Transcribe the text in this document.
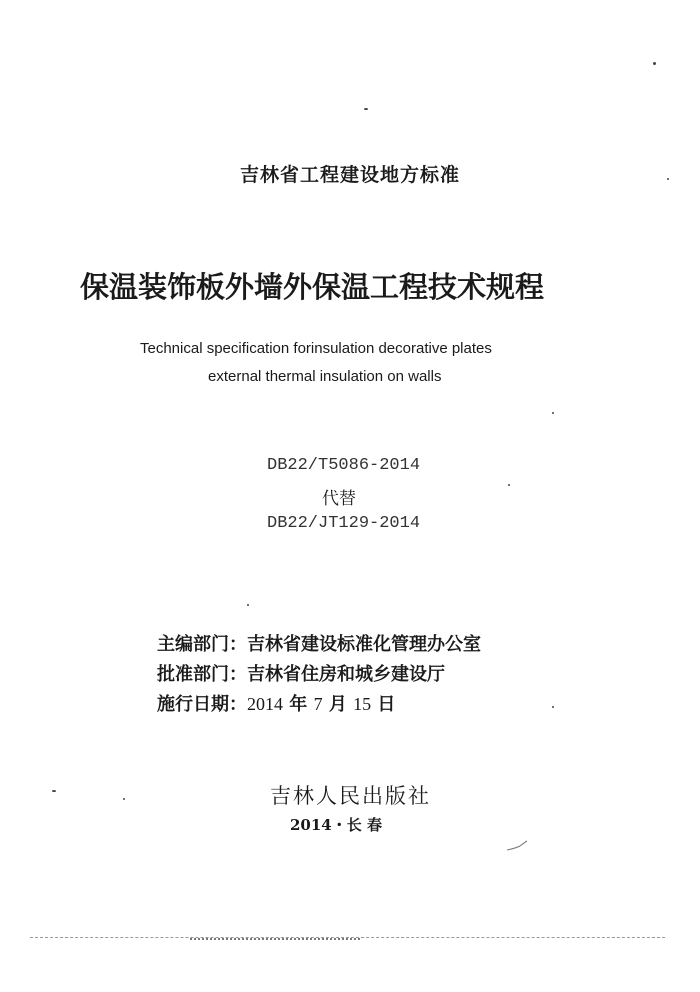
吉林省工程建设地方标准
保温装饰板外墙外保温工程技术规程
Technical specification forinsulation decorative plates
external thermal insulation on walls
DB22/T5086-2014
代替
DB22/JT129-2014
主编部门：吉林省建设标准化管理办公室
批准部门：吉林省住房和城乡建设厅
施行日期：2014 年 7 月 15 日
吉林人民出版社
2014・长 春
